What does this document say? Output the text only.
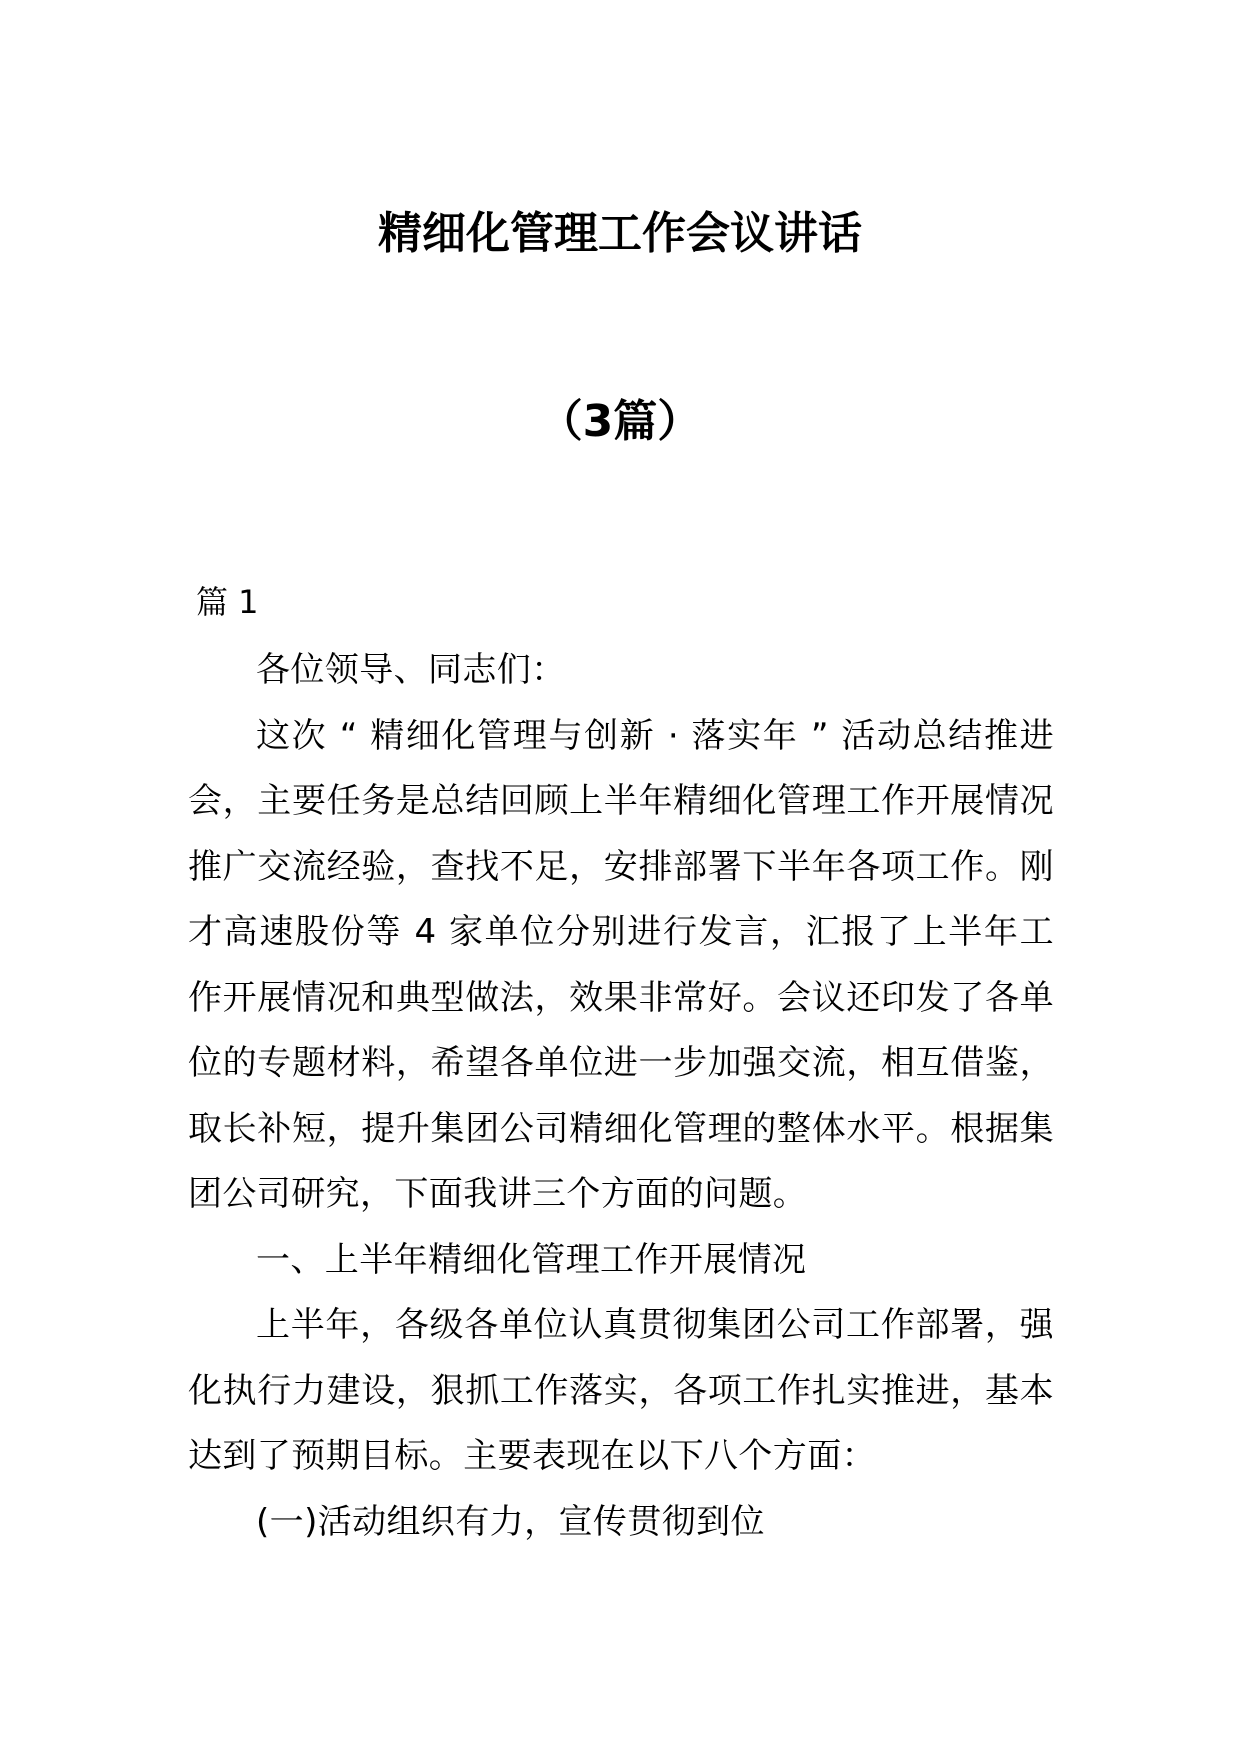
精细化管理工作会议讲话
（3篇）
篇 1

各位领导、同志们：

这次 “ 精细化管理与创新 · 落实年 ” 活动总结推进会，主要任务是总结回顾上半年精细化管理工作开展情况推广交流经验，查找不足，安排部署下半年各项工作。刚才高速股份等 4 家单位分别进行发言，汇报了上半年工作开展情况和典型做法，效果非常好。会议还印发了各单位的专题材料，希望各单位进一步加强交流，相互借鉴，取长补短，提升集团公司精细化管理的整体水平。根据集团公司研究，下面我讲三个方面的问题。

一、上半年精细化管理工作开展情况

上半年，各级各单位认真贯彻集团公司工作部署，强化执行力建设，狠抓工作落实，各项工作扎实推进，基本达到了预期目标。主要表现在以下八个方面：

(一)活动组织有力，宣传贯彻到位
